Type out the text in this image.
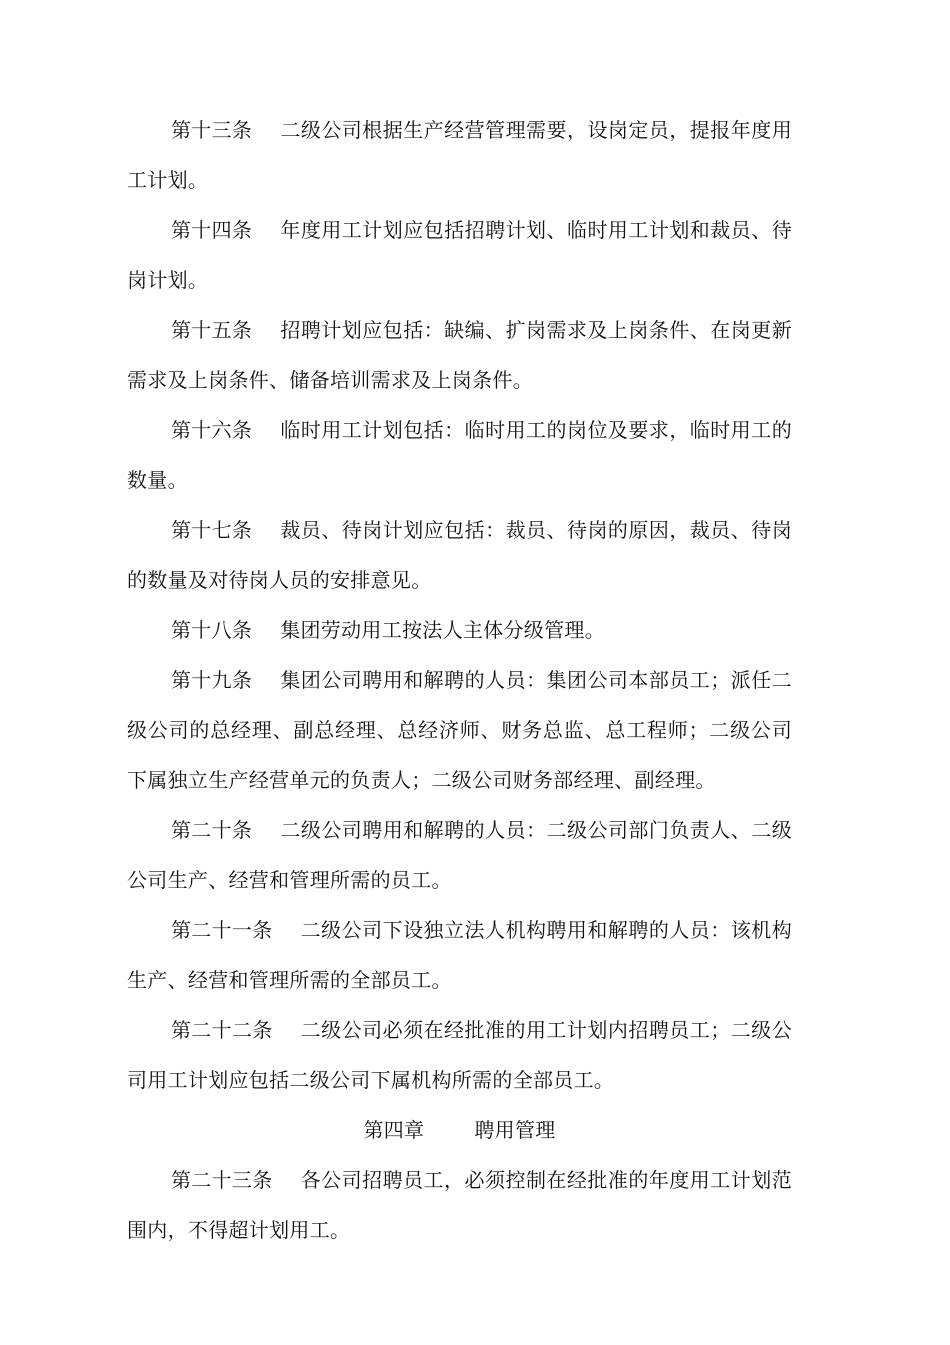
第十三条 二级公司根据生产经营管理需要，设岗定员，提报年度用工计划。

第十四条 年度用工计划应包括招聘计划、临时用工计划和裁员、待岗计划。

第十五条 招聘计划应包括：缺编、扩岗需求及上岗条件、在岗更新需求及上岗条件、储备培训需求及上岗条件。

第十六条 临时用工计划包括：临时用工的岗位及要求，临时用工的数量。

第十七条 裁员、待岗计划应包括：裁员、待岗的原因，裁员、待岗的数量及对待岗人员的安排意见。

第十八条 集团劳动用工按法人主体分级管理。

第十九条 集团公司聘用和解聘的人员：集团公司本部员工；派任二级公司的总经理、副总经理、总经济师、财务总监、总工程师；二级公司下属独立生产经营单元的负责人；二级公司财务部经理、副经理。

第二十条 二级公司聘用和解聘的人员：二级公司部门负责人、二级公司生产、经营和管理所需的员工。

第二十一条 二级公司下设独立法人机构聘用和解聘的人员：该机构生产、经营和管理所需的全部员工。

第二十二条 二级公司必须在经批准的用工计划内招聘员工；二级公司用工计划应包括二级公司下属机构所需的全部员工。

第四章	聘用管理

第二十三条 各公司招聘员工，必须控制在经批准的年度用工计划范围内，不得超计划用工。
